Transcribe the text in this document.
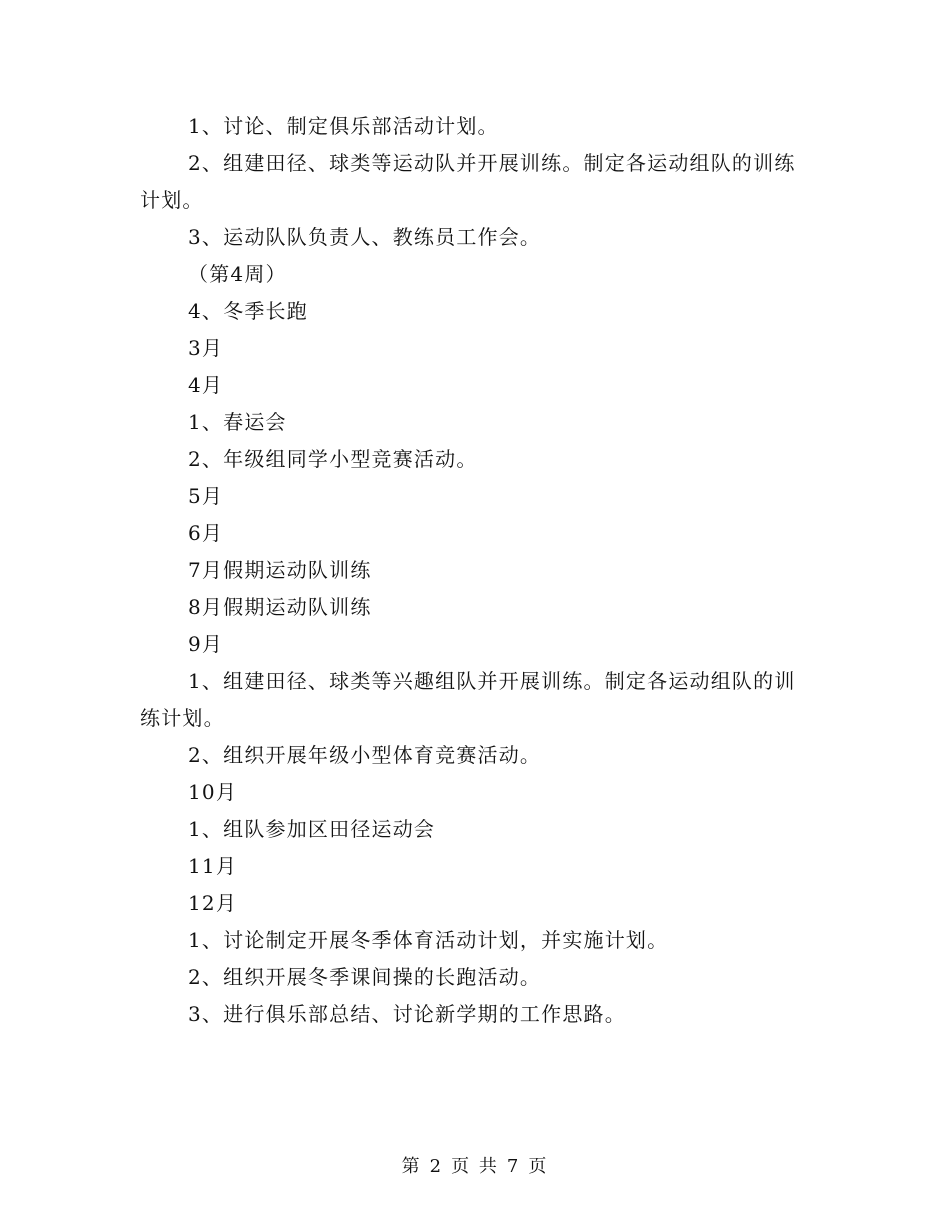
1、讨论、制定俱乐部活动计划。

2、组建田径、球类等运动队并开展训练。制定各运动组队的训练计划。

3、运动队队负责人、教练员工作会。

（第4周）

4、冬季长跑

3月

4月

1、春运会

2、年级组同学小型竞赛活动。

5月

6月

7月假期运动队训练

8月假期运动队训练

9月

1、组建田径、球类等兴趣组队并开展训练。制定各运动组队的训练计划。

2、组织开展年级小型体育竞赛活动。

10月

1、组队参加区田径运动会

11月

12月

1、讨论制定开展冬季体育活动计划，并实施计划。

2、组织开展冬季课间操的长跑活动。

3、进行俱乐部总结、讨论新学期的工作思路。

第 2 页 共 7 页
